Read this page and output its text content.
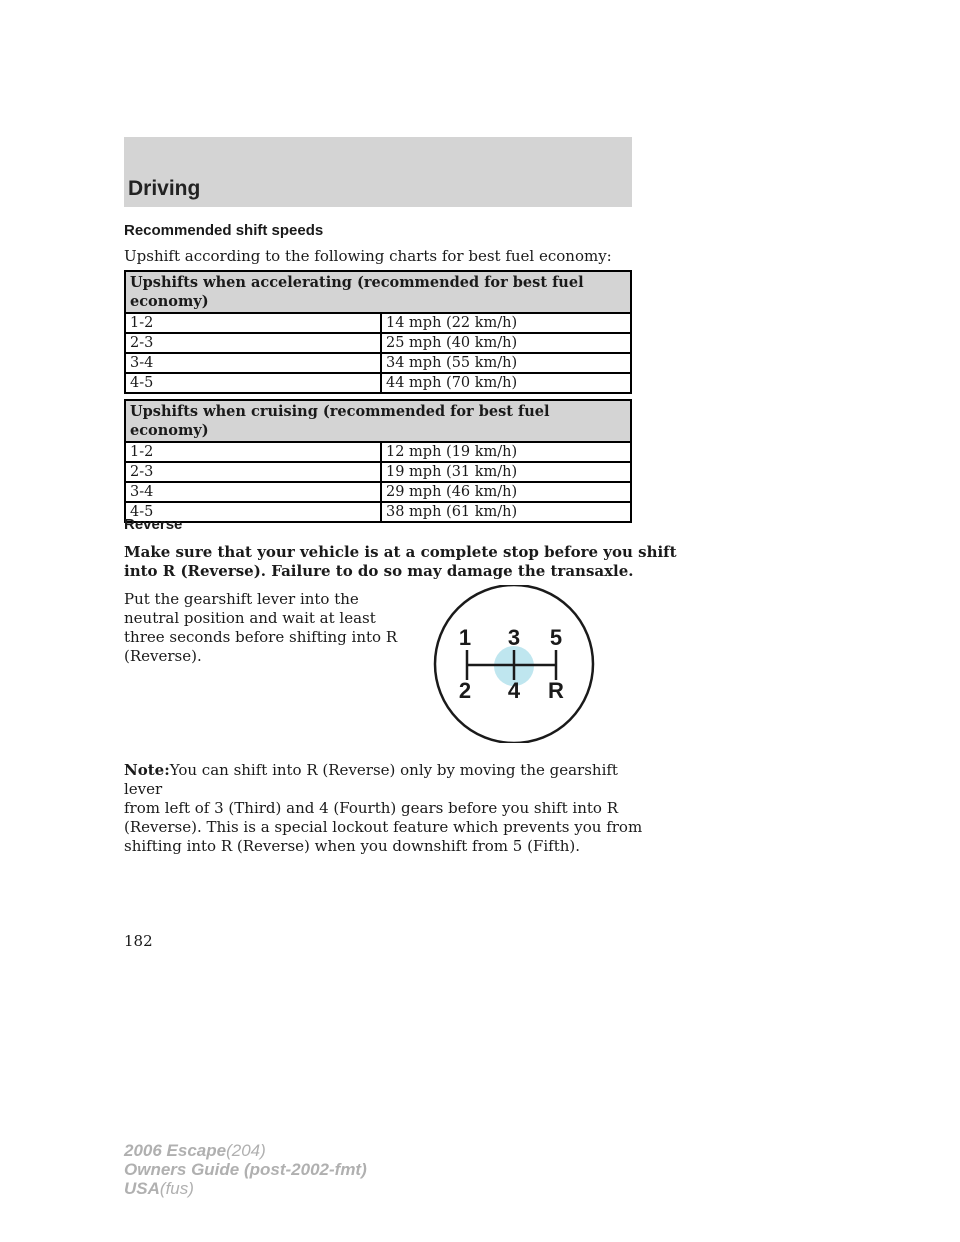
Driving
Recommended shift speeds
Upshift according to the following charts for best fuel economy:
Upshifts when accelerating (recommended for best fuel
economy)	
1-2	14 mph (22 km/h)
2-3	25 mph (40 km/h)
3-4	34 mph (55 km/h)
4-5	44 mph (70 km/h)
Upshifts when cruising (recommended for best fuel economy)	
1-2	12 mph (19 km/h)
2-3	19 mph (31 km/h)
3-4	29 mph (46 km/h)
4-5	38 mph (61 km/h)
Reverse
Make sure that your vehicle is at a complete stop before you shift
into R (Reverse). Failure to do so may damage the transaxle.
Put the gearshift lever into the
neutral position and wait at least
three seconds before shifting into R
(Reverse).
1 3 5
2 4 R
Note:You can shift into R (Reverse) only by moving the gearshift lever
from left of 3 (Third) and 4 (Fourth) gears before you shift into R
(Reverse). This is a special lockout feature which prevents you from
shifting into R (Reverse) when you downshift from 5 (Fifth).
182
2006 Escape(204)
Owners Guide (post-2002-fmt)
USA(fus)
